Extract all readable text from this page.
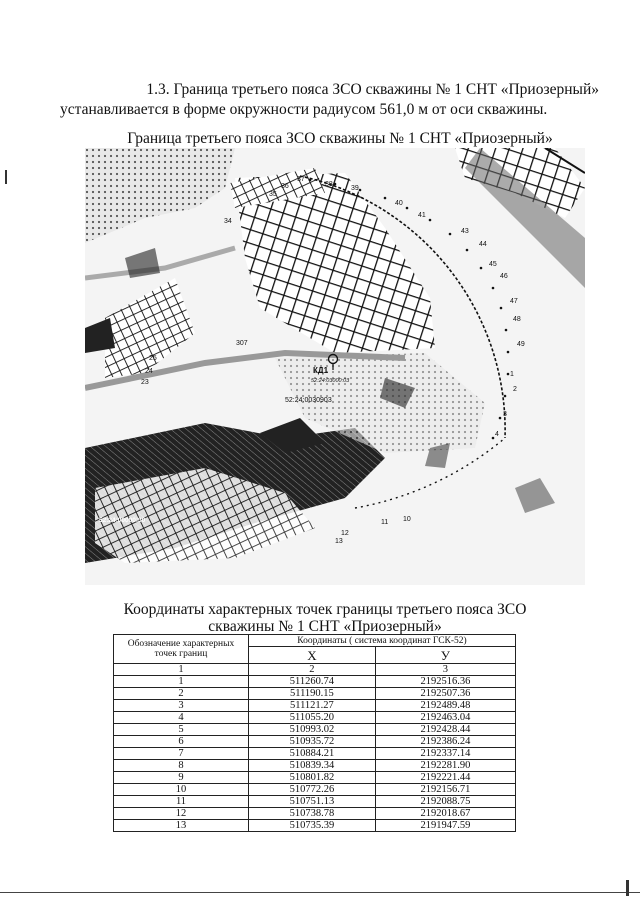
1.3. Граница третьего пояса ЗСО скважины № 1 СНТ «Приозерный»
устанавливается в форме окружности радиусом 561,0 м от оси скважины.
Граница третьего пояса ЗСО скважины № 1 СНТ «Приозерный»
37
38
39
40
41
43
44
45
46
47
48
49
1
2
3
4
10
11
12
13
34
35
36
25
24
23
307
КД1
52:24:03000:03
52:24:0030903
52:24:00000:30
Координаты характерных точек границы третьего пояса ЗСО
скважины № 1 СНТ «Приозерный»
Обозначение характерных точек границ	Координаты ( система координат ГСК-52)	
	X	У
1	2	3
1	511260.74	2192516.36
2	511190.15	2192507.36
3	511121.27	2192489.48
4	511055.20	2192463.04
5	510993.02	2192428.44
6	510935.72	2192386.24
7	510884.21	2192337.14
8	510839.34	2192281.90
9	510801.82	2192221.44
10	510772.26	2192156.71
11	510751.13	2192088.75
12	510738.78	2192018.67
13	510735.39	2191947.59
